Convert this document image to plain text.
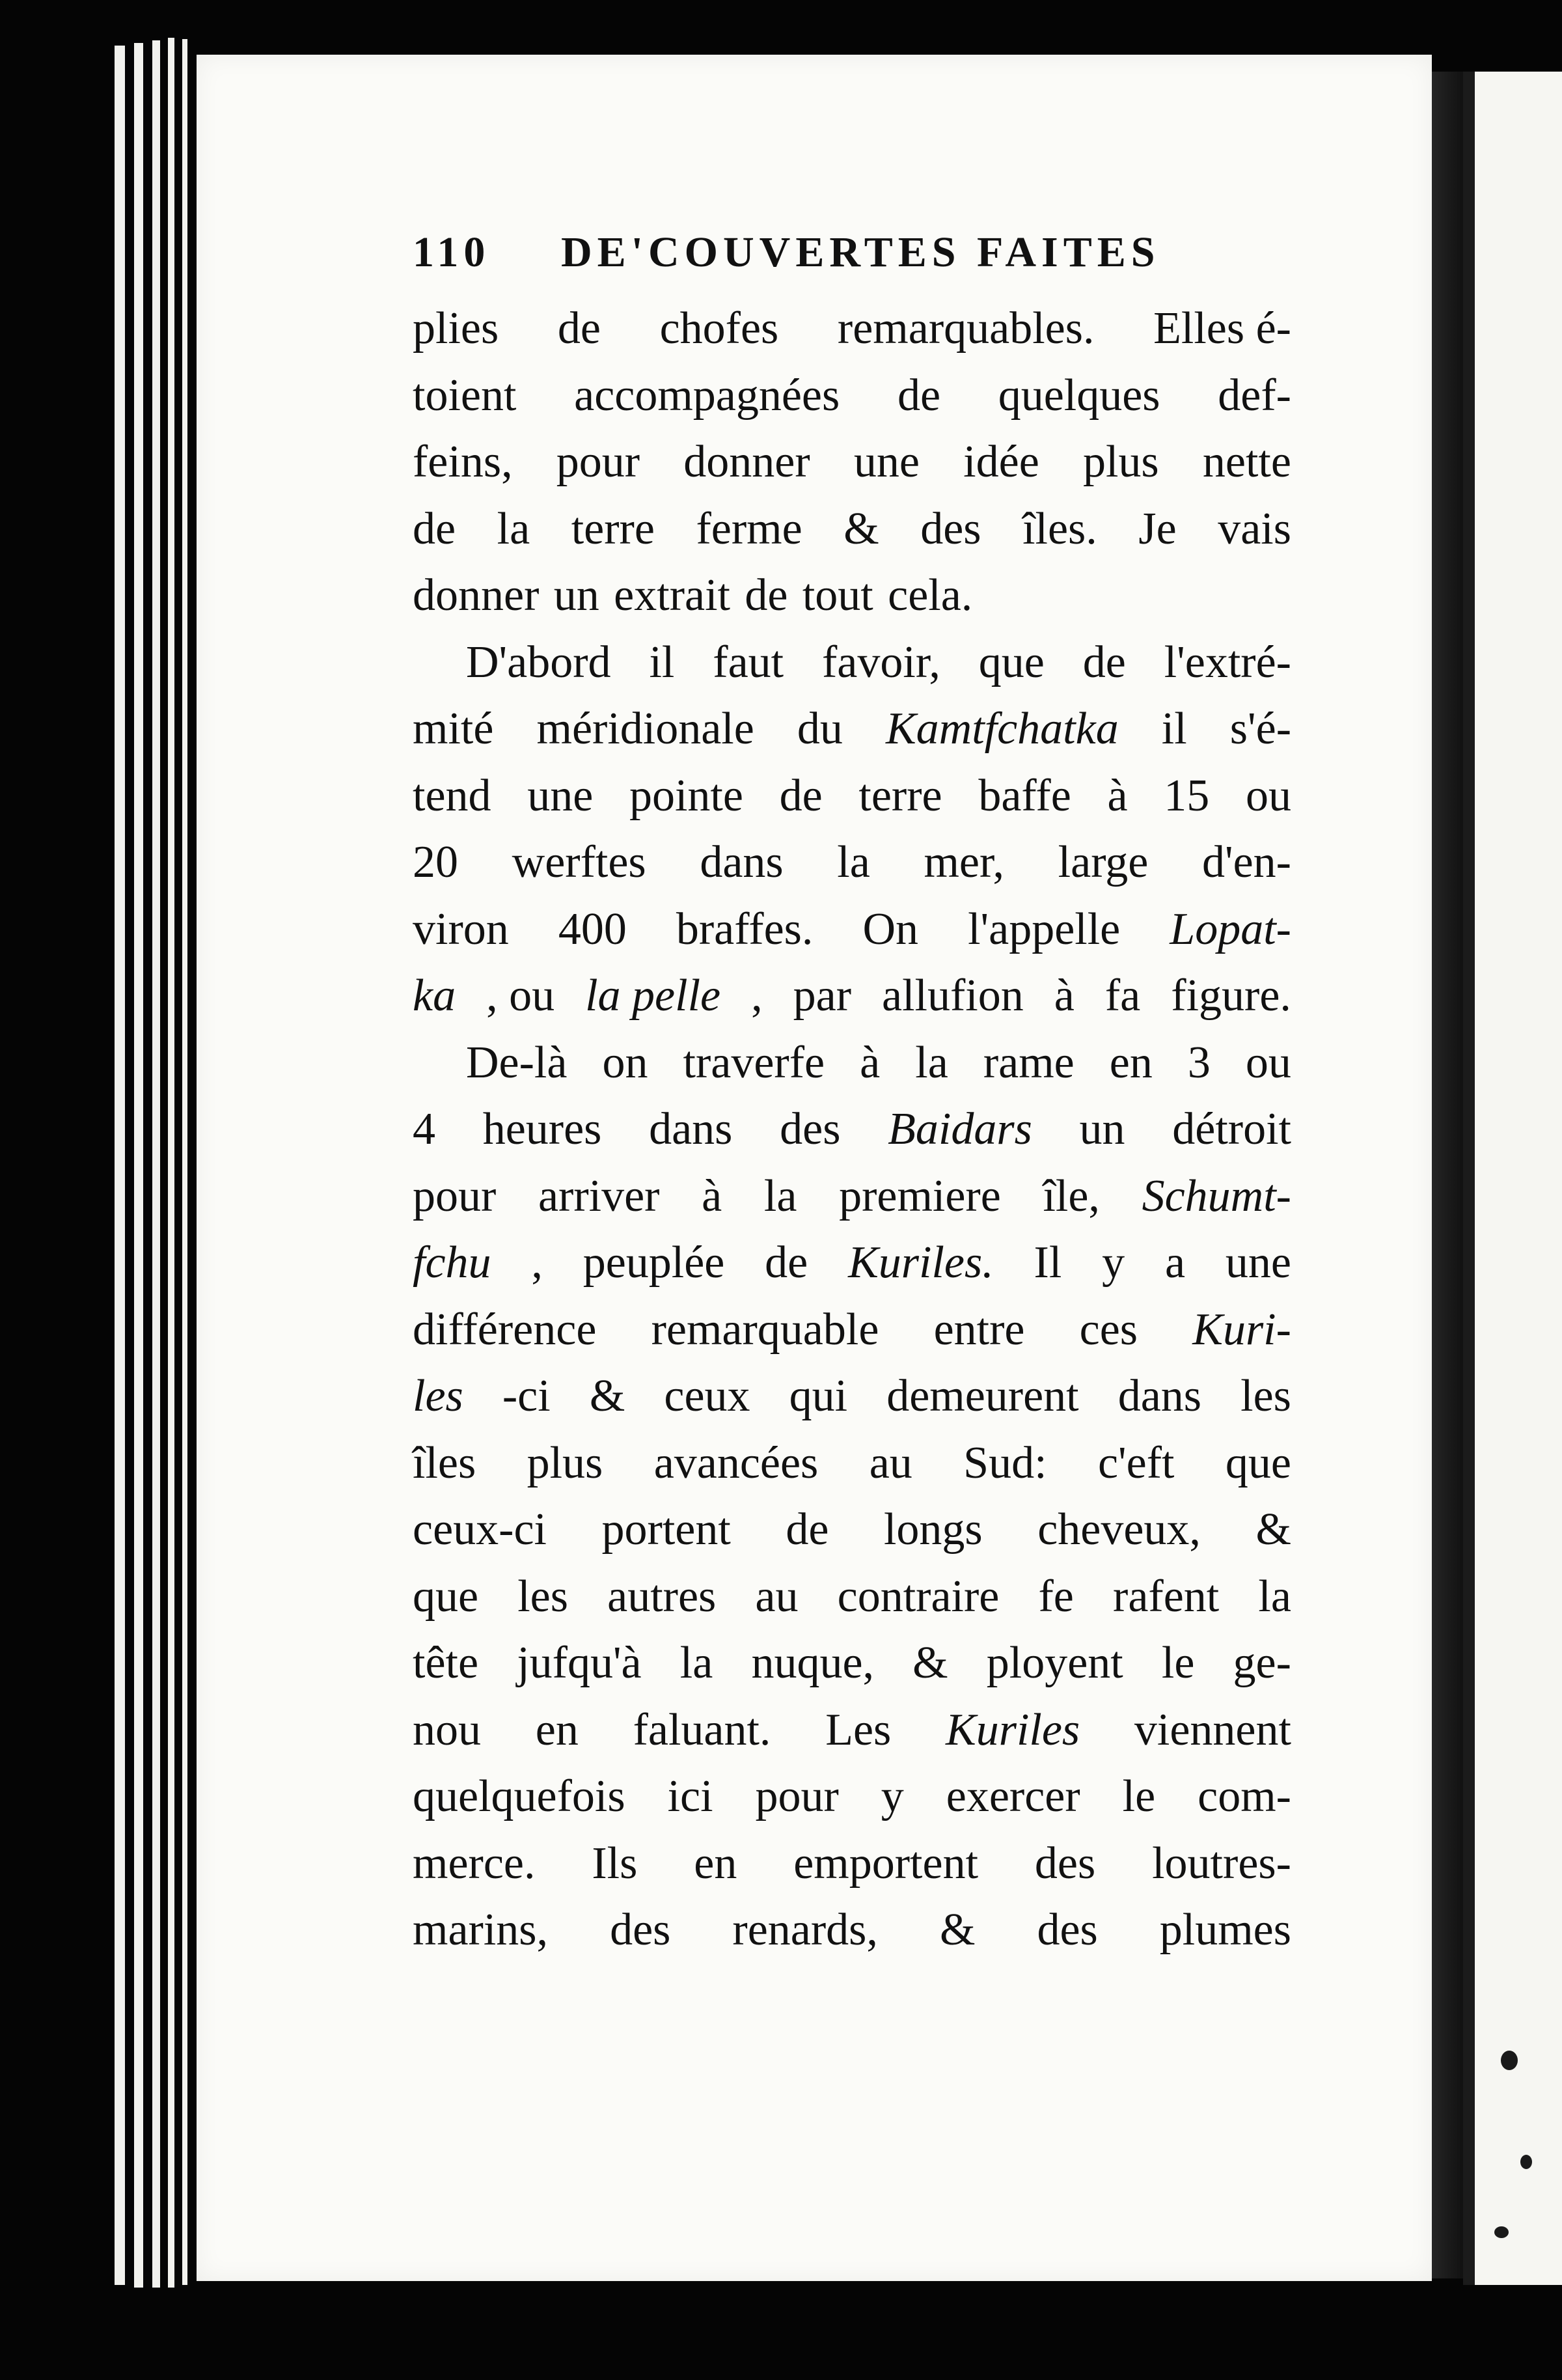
110	DE'COUVERTES FAITES
plies de chofes remarquables. Elles é-
toient accompagnées de quelques def-
feins, pour donner une idée plus nette
de la terre ferme & des îles. Je vais
donner un extrait de tout cela.
D'abord il faut favoir, que de l'extré-
mité méridionale du Kamtfchatka il s'é-
tend une pointe de terre baffe à 15 ou
20 werftes dans la mer, large d'en-
viron 400 braffes. On l'appelle Lopat-
ka , ou la pelle , par allufion à fa figure.
De-là on traverfe à la rame en 3 ou
4 heures dans des Baidars un détroit
pour arriver à la premiere île, Schumt-
fchu , peuplée de Kuriles. Il y a une
différence remarquable entre ces Kuri-
les -ci & ceux qui demeurent dans les
îles plus avancées au Sud: c'eft que
ceux-ci portent de longs cheveux, &
que les autres au contraire fe rafent la
tête jufqu'à la nuque, & ployent le ge-
nou en faluant. Les Kuriles viennent
quelquefois ici pour y exercer le com-
merce. Ils en emportent des loutres-
marins, des renards, & des plumes
